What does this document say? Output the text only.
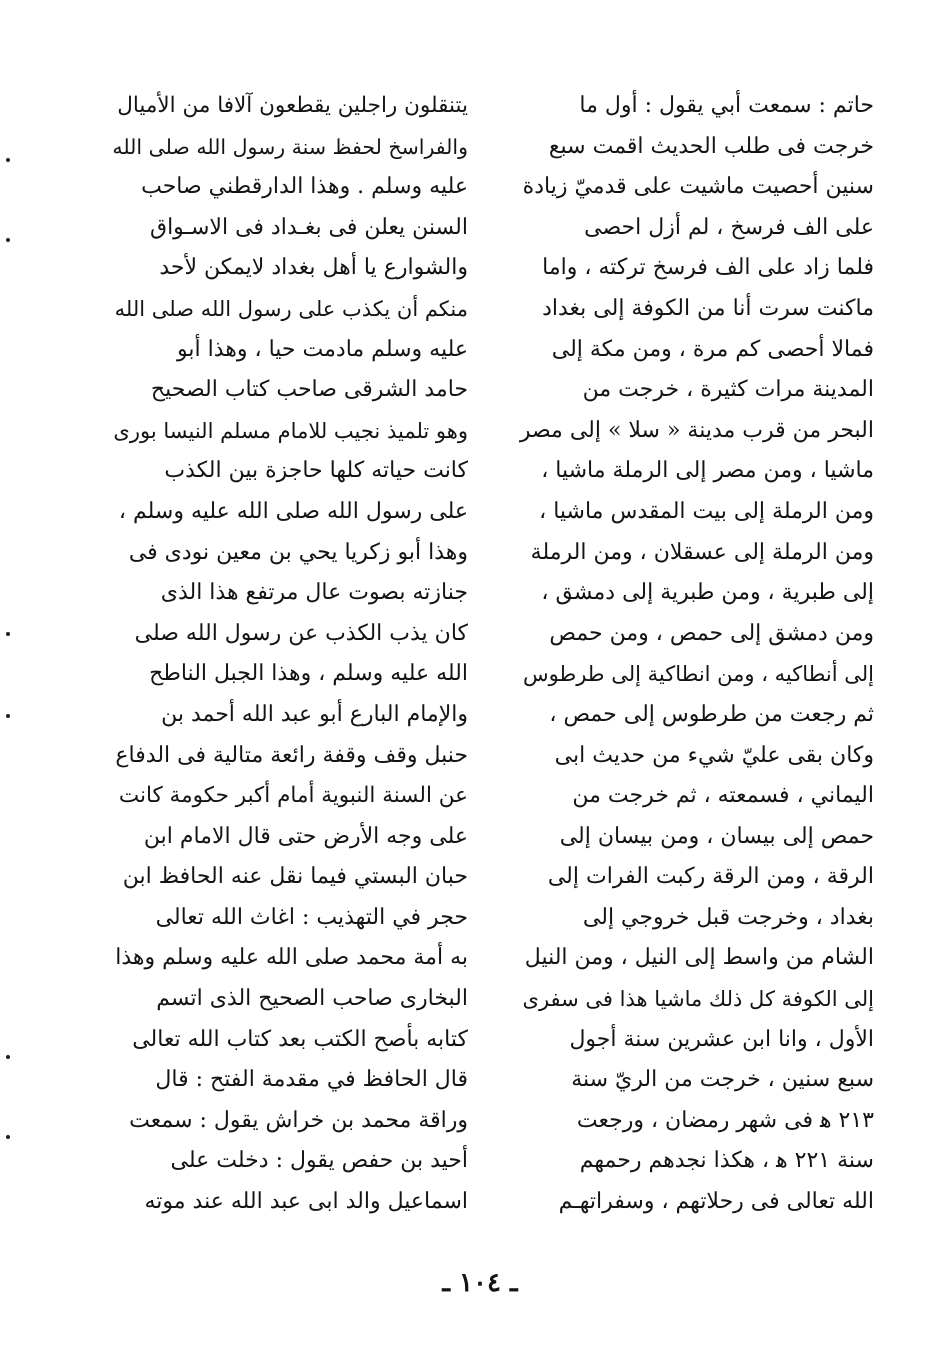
حاتم : سمعت أبي يقول : أول ما
خرجت فى طلب الحديث اقمت سبع
سنين أحصيت ماشيت على قدميّ زيادة
على الف فرسخ ، لم أزل احصى
فلما زاد على الف فرسخ تركته ، واما
ماكنت سرت أنا من الكوفة إلى بغداد
فمالا أحصى كم مرة ، ومن مكة إلى
المدينة مرات كثيرة ، خرجت من
البحر من قرب مدينة « سلا » إلى مصر
ماشيا ، ومن مصر إلى الرملة ماشيا ،
ومن الرملة إلى بيت المقدس ماشيا ،
ومن الرملة إلى عسقلان ، ومن الرملة
إلى طبرية ، ومن طبرية إلى دمشق ،
ومن دمشق إلى حمص ، ومن حمص
إلى أنطاكيه ، ومن انطاكية إلى طرطوس
ثم رجعت من طرطوس إلى حمص ،
وكان بقى عليّ شيء من حديث ابى
اليماني ، فسمعته ، ثم خرجت من
حمص إلى بيسان ، ومن بيسان إلى
الرقة ، ومن الرقة ركبت الفرات إلى
بغداد ، وخرجت قبل خروجي إلى
الشام من واسط إلى النيل ، ومن النيل
إلى الكوفة كل ذلك ماشيا هذا فى سفرى
الأول ، وانا ابن عشرين سنة أجول
سبع سنين ، خرجت من الريّ سنة
٢١٣ ﻫ فى شهر رمضان ، ورجعت
سنة ٢٢١ ﻫ ، هكذا نجدهم رحمهم
الله تعالى فى رحلاتهم ، وسفراتهـم
يتنقلون راجلين يقطعون آلافا من الأميال
والفراسخ لحفظ سنة رسول الله صلى الله
عليه وسلم . وهذا الدارقطني صاحب
السنن يعلن فى بغـداد فى الاسـواق
والشوارع يا أهل بغداد لايمكن لأحد
منكم أن يكذب على رسول الله صلى الله
عليه وسلم مادمت حيا ، وهذا أبو
حامد الشرقى صاحب كتاب الصحيح
وهو تلميذ نجيب للامام مسلم النيسا بورى
كانت حياته كلها حاجزة بين الكذب
على رسول الله صلى الله عليه وسلم ،
وهذا أبو زكريا يحي بن معين نودى فى
جنازته بصوت عال مرتفع هذا الذى
كان يذب الكذب عن رسول الله صلى
الله عليه وسلم ، وهذا الجبل الناطح
والإمام البارع أبو عبد الله أحمد بن
حنبل وقف وقفة رائعة متالية فى الدفاع
عن السنة النبوية أمام أكبر حكومة كانت
على وجه الأرض حتى قال الامام ابن
حبان البستي فيما نقل عنه الحافظ ابن
حجر في التهذيب : اغاث الله تعالى
به أمة محمد صلى الله عليه وسلم وهذا
البخارى صاحب الصحيح الذى اتسم
كتابه بأصح الكتب بعد كتاب الله تعالى
قال الحافظ في مقدمة الفتح : قال
وراقة محمد بن خراش يقول : سمعت
أحيد بن حفص يقول : دخلت على
اسماعيل والد ابى عبد الله عند موته
ـ ١٠٤ ـ
